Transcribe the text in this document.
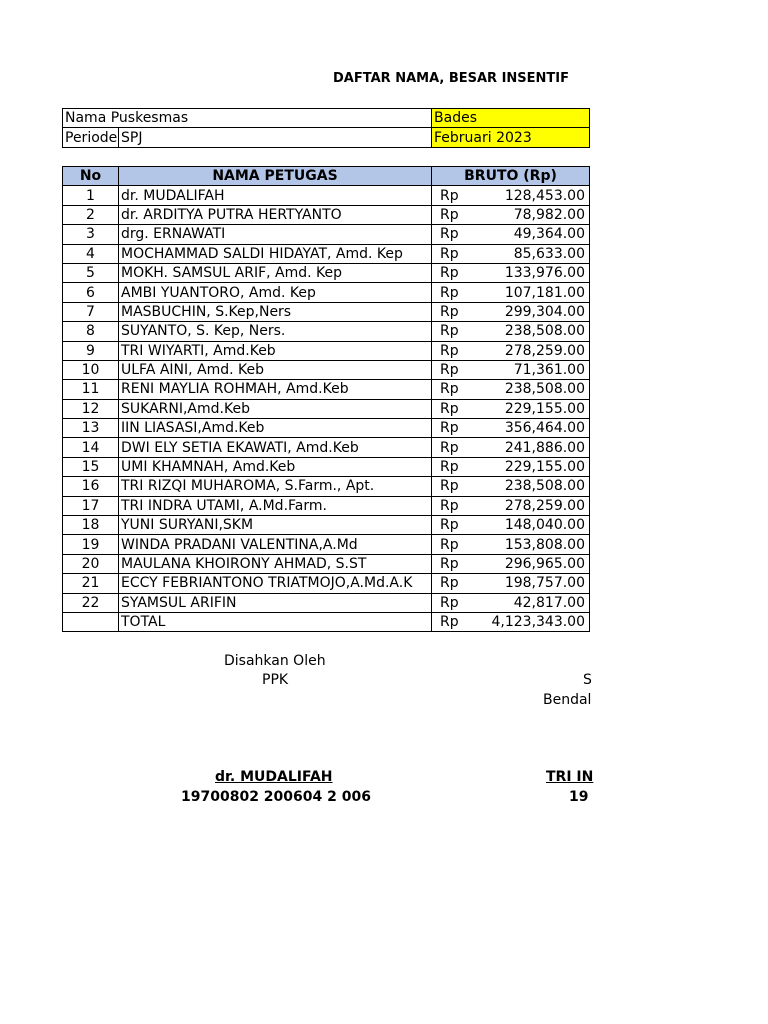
DAFTAR NAMA, BESAR INSENTIF
Nama Puskesmas		Bades
Periode	SPJ	Februari 2023
No	NAMA PETUGAS	BRUTO (Rp)	
1	dr. MUDALIFAH	Rp	128,453.00
2	dr. ARDITYA PUTRA HERTYANTO	Rp	78,982.00
3	drg. ERNAWATI	Rp	49,364.00
4	MOCHAMMAD SALDI HIDAYAT, Amd. Kep	Rp	85,633.00
5	MOKH. SAMSUL ARIF, Amd. Kep	Rp	133,976.00
6	AMBI YUANTORO, Amd. Kep	Rp	107,181.00
7	MASBUCHIN, S.Kep,Ners	Rp	299,304.00
8	SUYANTO, S. Kep, Ners.	Rp	238,508.00
9	TRI WIYARTI, Amd.Keb	Rp	278,259.00
10	ULFA AINI, Amd. Keb	Rp	71,361.00
11	RENI MAYLIA ROHMAH, Amd.Keb	Rp	238,508.00
12	SUKARNI,Amd.Keb	Rp	229,155.00
13	IIN LIASASI,Amd.Keb	Rp	356,464.00
14	DWI ELY SETIA EKAWATI, Amd.Keb	Rp	241,886.00
15	UMI KHAMNAH, Amd.Keb	Rp	229,155.00
16	TRI RIZQI MUHAROMA, S.Farm., Apt.	Rp	238,508.00
17	TRI INDRA UTAMI, A.Md.Farm.	Rp	278,259.00
18	YUNI SURYANI,SKM	Rp	148,040.00
19	WINDA PRADANI VALENTINA,A.Md	Rp	153,808.00
20	MAULANA KHOIRONY AHMAD, S.ST	Rp	296,965.00
21	ECCY FEBRIANTONO TRIATMOJO,A.Md.A.K	Rp	198,757.00
22	SYAMSUL ARIFIN	Rp	42,817.00
	TOTAL	Rp	4,123,343.00
Disahkan Oleh
PPK
dr. MUDALIFAH
19700802 200604 2 006
S
Bendal
TRI IN
19
